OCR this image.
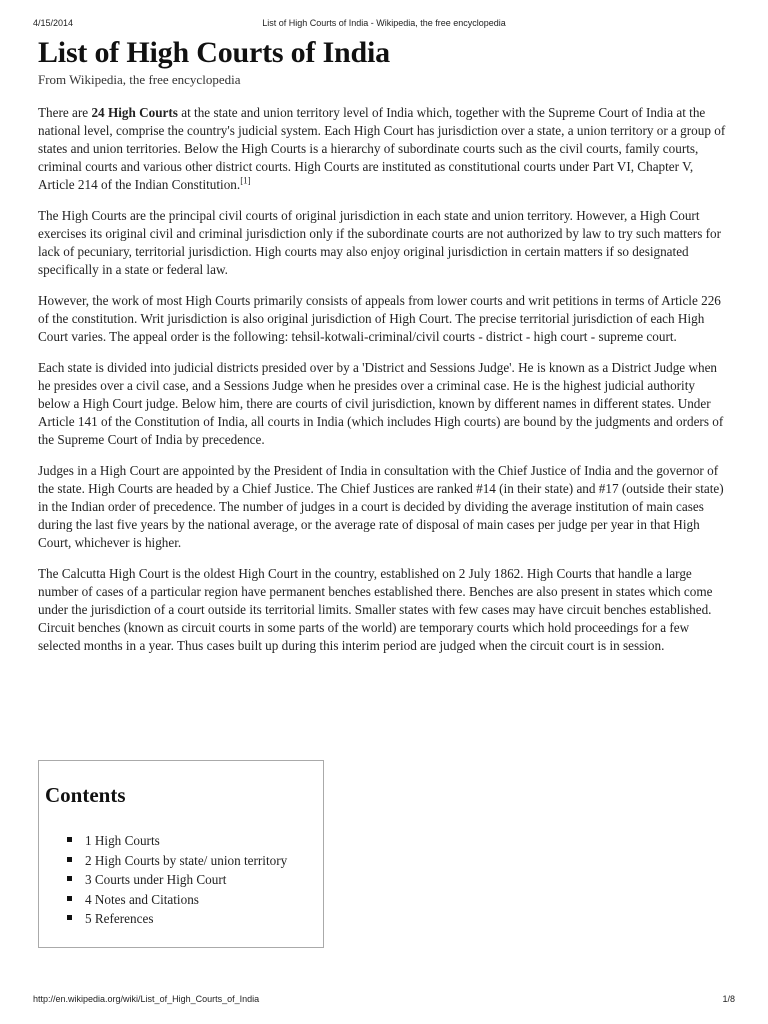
4/15/2014	List of High Courts of India - Wikipedia, the free encyclopedia
List of High Courts of India
From Wikipedia, the free encyclopedia

There are 24 High Courts at the state and union territory level of India which, together with the Supreme Court of India at the national level, comprise the country's judicial system. Each High Court has jurisdiction over a state, a union territory or a group of states and union territories. Below the High Courts is a hierarchy of subordinate courts such as the civil courts, family courts, criminal courts and various other district courts. High Courts are instituted as constitutional courts under Part VI, Chapter V, Article 214 of the Indian Constitution.[1]

The High Courts are the principal civil courts of original jurisdiction in each state and union territory. However, a High Court exercises its original civil and criminal jurisdiction only if the subordinate courts are not authorized by law to try such matters for lack of pecuniary, territorial jurisdiction. High courts may also enjoy original jurisdiction in certain matters if so designated specifically in a state or federal law.

However, the work of most High Courts primarily consists of appeals from lower courts and writ petitions in terms of Article 226 of the constitution. Writ jurisdiction is also original jurisdiction of High Court. The precise territorial jurisdiction of each High Court varies. The appeal order is the following: tehsil-kotwali-criminal/civil courts - district - high court - supreme court.

Each state is divided into judicial districts presided over by a 'District and Sessions Judge'. He is known as a District Judge when he presides over a civil case, and a Sessions Judge when he presides over a criminal case. He is the highest judicial authority below a High Court judge. Below him, there are courts of civil jurisdiction, known by different names in different states. Under Article 141 of the Constitution of India, all courts in India (which includes High courts) are bound by the judgments and orders of the Supreme Court of India by precedence.

Judges in a High Court are appointed by the President of India in consultation with the Chief Justice of India and the governor of the state. High Courts are headed by a Chief Justice. The Chief Justices are ranked #14 (in their state) and #17 (outside their state) in the Indian order of precedence. The number of judges in a court is decided by dividing the average institution of main cases during the last five years by the national average, or the average rate of disposal of main cases per judge per year in that High Court, whichever is higher.

The Calcutta High Court is the oldest High Court in the country, established on 2 July 1862. High Courts that handle a large number of cases of a particular region have permanent benches established there. Benches are also present in states which come under the jurisdiction of a court outside its territorial limits. Smaller states with few cases may have circuit benches established. Circuit benches (known as circuit courts in some parts of the world) are temporary courts which hold proceedings for a few selected months in a year. Thus cases built up during this interim period are judged when the circuit court is in session.

Contents
1 High Courts
2 High Courts by state/ union territory
3 Courts under High Court
4 Notes and Citations
5 References
http://en.wikipedia.org/wiki/List_of_High_Courts_of_India	1/8
